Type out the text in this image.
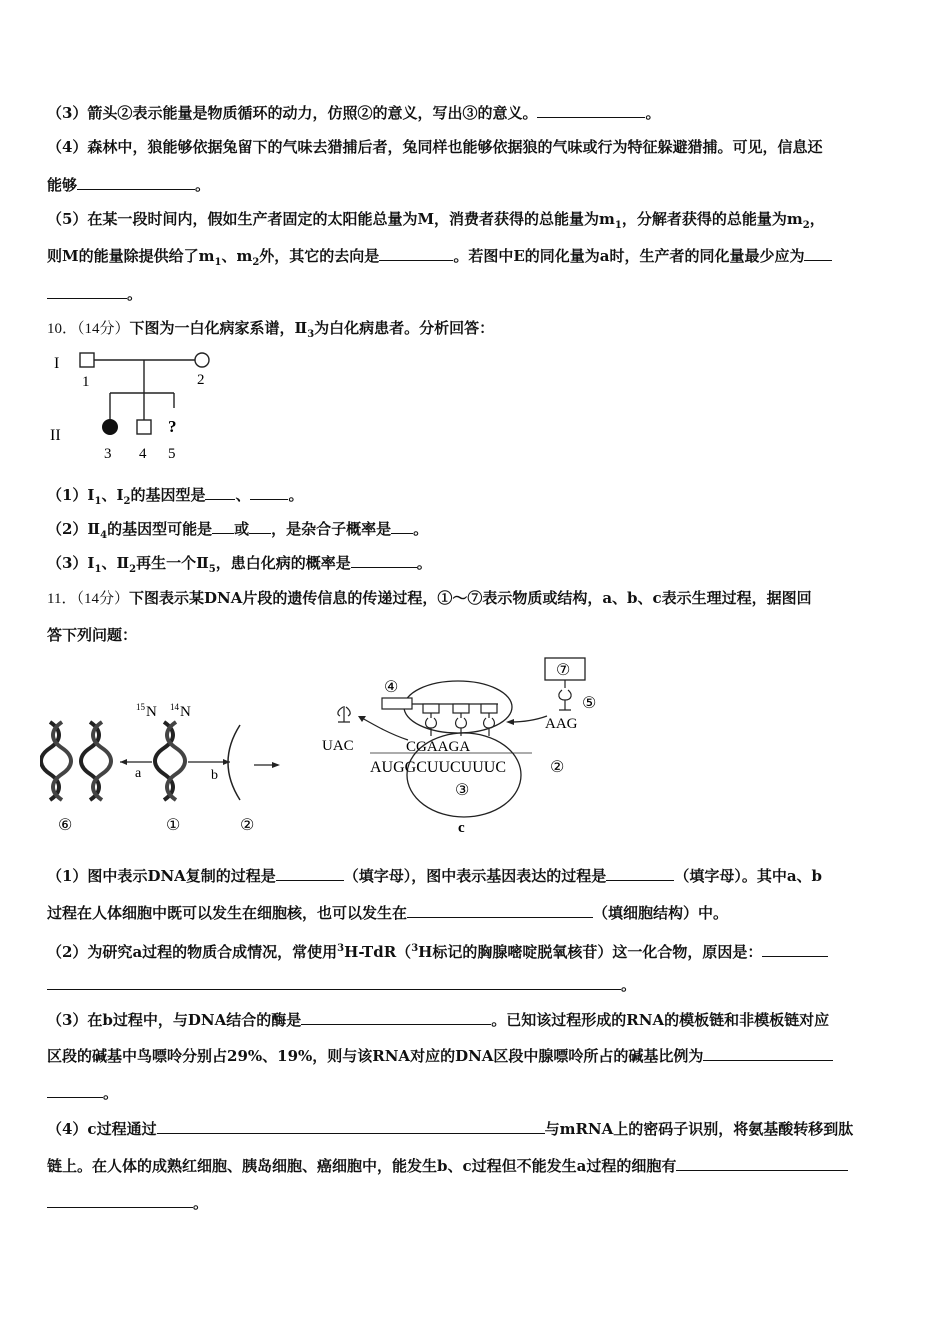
（3）箭头②表示能量是物质循环的动力，仿照②的意义，写出③的意义。	。
（4）森林中，狼能够依据兔留下的气味去猎捕后者，兔同样也能够依据狼的气味或行为特征躲避猎捕。可见，信息还
能够	。
（5）在某一段时间内，假如生产者固定的太阳能总量为M，消费者获得的总能量为$m_1$，分解者获得的总能量为$m_2$，
则M的能量除提供给了$m_1$、$m_2$外，其它的去向是	。若图中E的同化量为a时，生产者的同化量最少应为
。
10．（14分）下图为一白化病家系谱，$Ⅱ_3$为白化病患者。分析回答：
I
II
1	2
?
3 4 5
$(1)Ⅰ_1$、$Ⅰ_2$的基因型是 、	。
$(2)Ⅱ_4$的基因型可能是 或 ，是杂合子概率是 。
$(3)Ⅰ_1$、$Ⅱ_2$再生一个$Ⅱ_5$，患白化病的概率是	。
11．（14分）下图表示某DNA片段的遗传信息的传递过程，①～⑦表示物质或结构，a、b、c表示生理过程，据图回
答下列问题：
15 N 14 N
a	b
⑥	①	②
AUGGCUUCUUUC
CGAAGA
②
③
c
④
UAC
⑦
⑤
AAG
（1）图中表示DNA复制的过程是	（填字母），图中表示基因表达的过程是	（填字母）。其中a、b
过程在人体细胞中既可以发生在细胞核，也可以发生在	（填细胞结构）中。
（2）为研究a过程的物质合成情况，常使用$^3$H-TdR（$^3$H标记的胸腺嘧啶脱氧核苷）这一化合物，原因是：
。
（3）在b过程中，与DNA结合的酶是	。已知该过程形成的RNA的模板链和非模板链对应
区段的碱基中鸟嘌呤分别占29%、19%，则与该RNA对应的DNA区段中腺嘌呤所占的碱基比例为
。
（4）c过程通过	与mRNA上的密码子识别，将氨基酸转移到肽
链上。在人体的成熟红细胞、胰岛细胞、癌细胞中，能发生b、c过程但不能发生a过程的细胞有
。
